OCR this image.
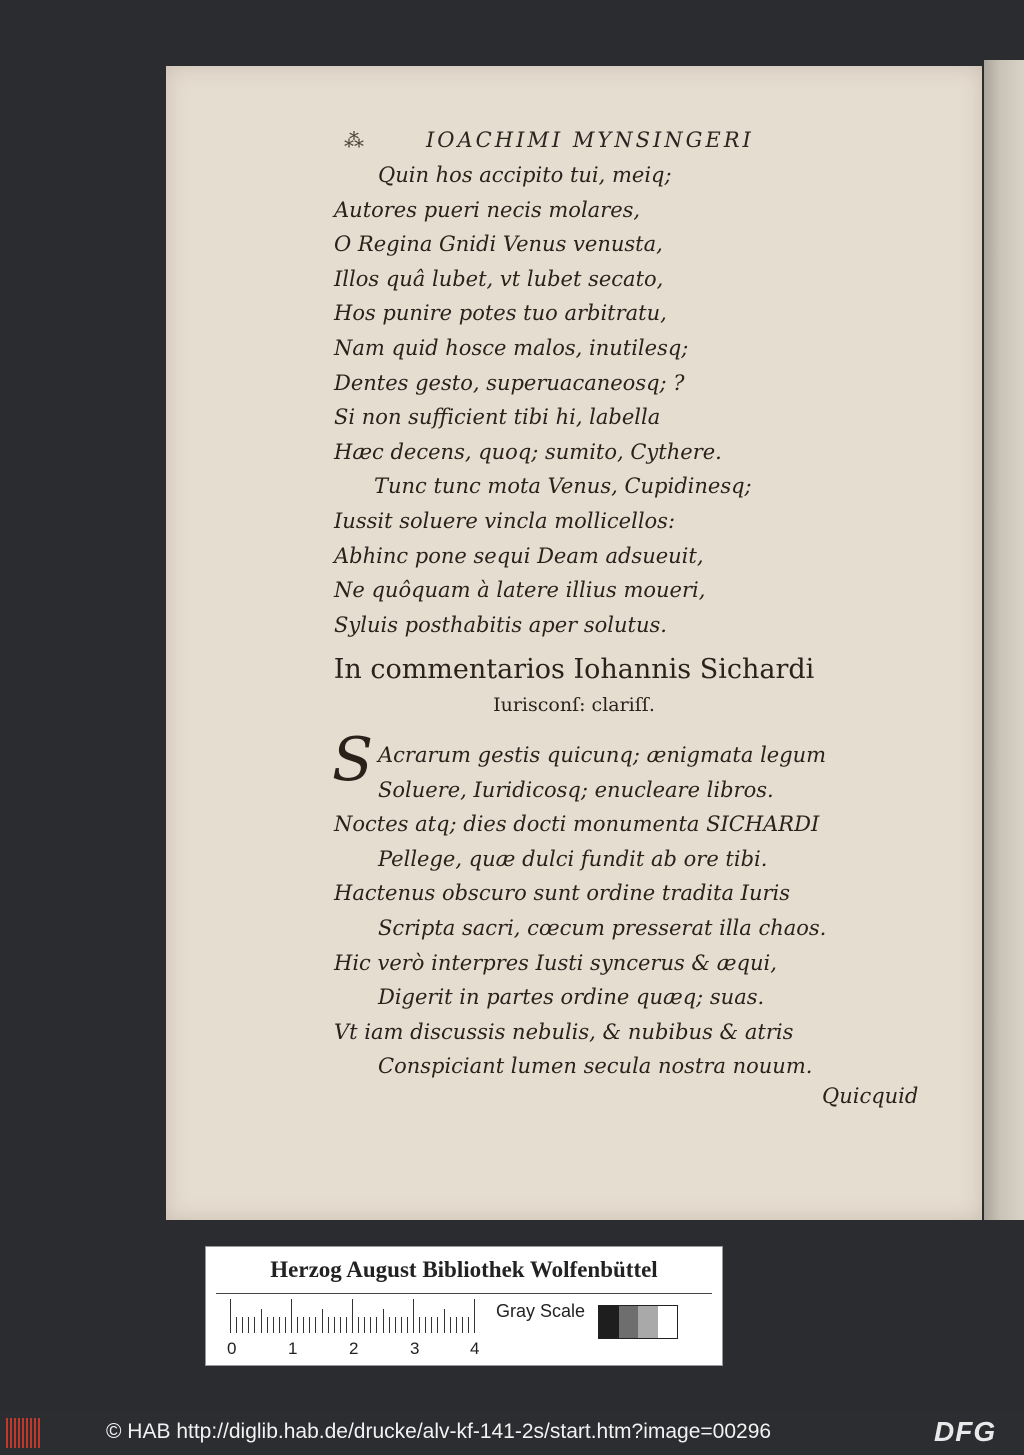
⁂	IOACHIMI MYNSINGERI
Quin hos accipito tui, meiq;
Autores pueri necis molares,
O Regina Gnidi Venus venusta,
Illos quâ lubet, vt lubet secato,
Hos punire potes tuo arbitratu,
Nam quid hosce malos, inutilesq;
Dentes gesto, superuacaneosq; ?
Si non sufficient tibi hi, labella
Hæc decens, quoq; sumito, Cythere.
Tunc tunc mota Venus, Cupidinesq;
Iussit soluere vincla mollicellos:
Abhinc pone sequi Deam adsueuit,
Ne quôquam à latere illius moueri,
Syluis posthabitis aper solutus.
In commentarios Iohannis Sichardi
Iurisconſ: clariſſ.
S Acrarum gestis quicunq; ænigmata legum
Soluere, Iuridicosq; enucleare libros.
Noctes atq; dies docti monumenta SICHARDI
Pellege, quæ dulci fundit ab ore tibi.
Hactenus obscuro sunt ordine tradita Iuris
Scripta sacri, cœcum presserat illa chaos.
Hic verò interpres Iusti syncerus & æqui,
Digerit in partes ordine quæq; suas.
Vt iam discussis nebulis, & nubibus & atris
Conspiciant lumen secula nostra nouum.
Quicquid
Herzog August Bibliothek Wolfenbüttel
0	1	2	3	4
Gray Scale
© HAB http://diglib.hab.de/drucke/alv-kf-141-2s/start.htm?image=00296	DFG
